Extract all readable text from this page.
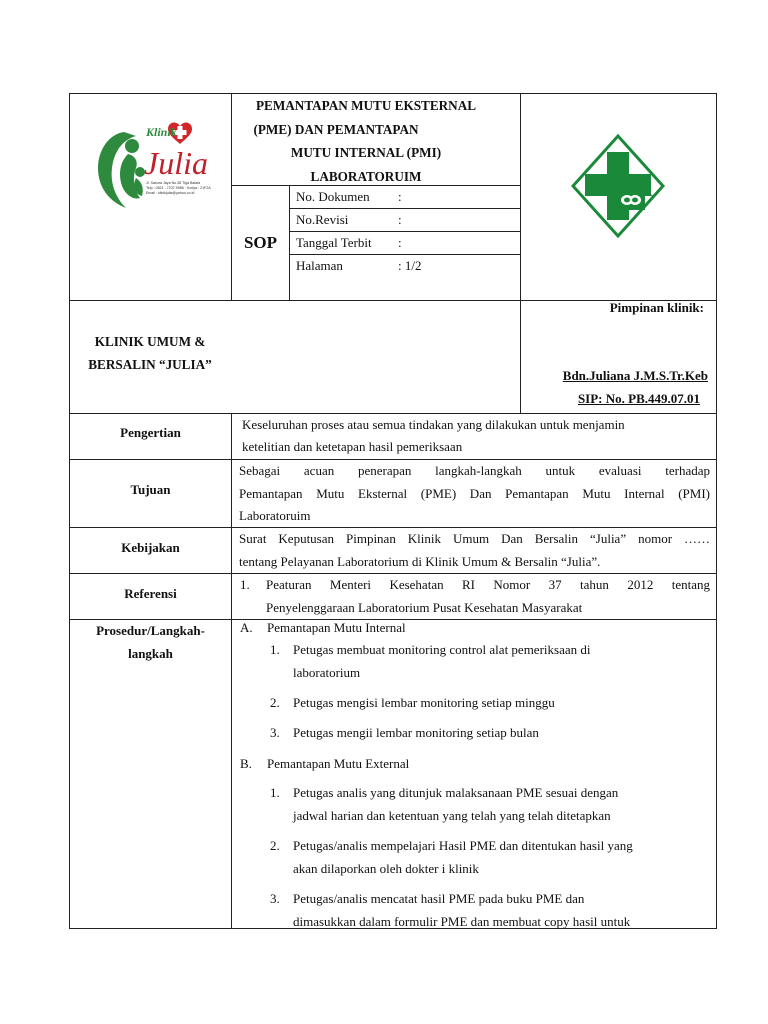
Klinik
Julia
Jl. Sakura Jaya No.38 Tiga Balata
Telp : 0821 - 7237 9986 · Kodya : 21F2A
Email : klinikjulia@yahoo.co.id
PEMANTAPAN MUTU EKSTERNAL
(PME) DAN PEMANTAPAN
MUTU INTERNAL (PMI)
LABORATORUIM
SOP
No. Dokumen :
No.Revisi	:
Tanggal Terbit :
Halaman	: 1/2
KLINIK UMUM &
BERSALIN “JULIA”
Pimpinan klinik:
Bdn.Juliana J.M.S.Tr.Keb
SIP: No. PB.449.07.01
Pengertian
Keseluruhan proses atau semua tindakan yang dilakukan untuk menjamin
ketelitian dan ketetapan hasil pemeriksaan
Tujuan
Sebagai acuan penerapan langkah-langkah untuk evaluasi terhadap
Pemantapan Mutu Eksternal (PME) Dan Pemantapan Mutu Internal (PMI)
Laboratoruim
Kebijakan
Surat Keputusan Pimpinan Klinik Umum Dan Bersalin “Julia” nomor ……
tentang Pelayanan Laboratorium di Klinik Umum & Bersalin “Julia”.
Referensi
1. Peaturan Menteri Kesehatan RI Nomor 37 tahun 2012 tentang
Penyelenggaraan Laboratorium Pusat Kesehatan Masyarakat
Prosedur/Langkah-
langkah
A. Pemantapan Mutu Internal
1. Petugas membuat monitoring control alat pemeriksaan di
laboratorium
2.	Petugas mengisi lembar monitoring setiap minggu
3.	Petugas mengii lembar monitoring setiap bulan
B. Pemantapan Mutu External
1. Petugas analis yang ditunjuk malaksanaan PME sesuai dengan
jadwal harian dan ketentuan yang telah yang telah ditetapkan
2. Petugas/analis mempelajari Hasil PME dan ditentukan hasil yang
akan dilaporkan oleh dokter i klinik
3. Petugas/analis mencatat hasil PME pada buku PME dan
dimasukkan dalam formulir PME dan membuat copy hasil untuk
